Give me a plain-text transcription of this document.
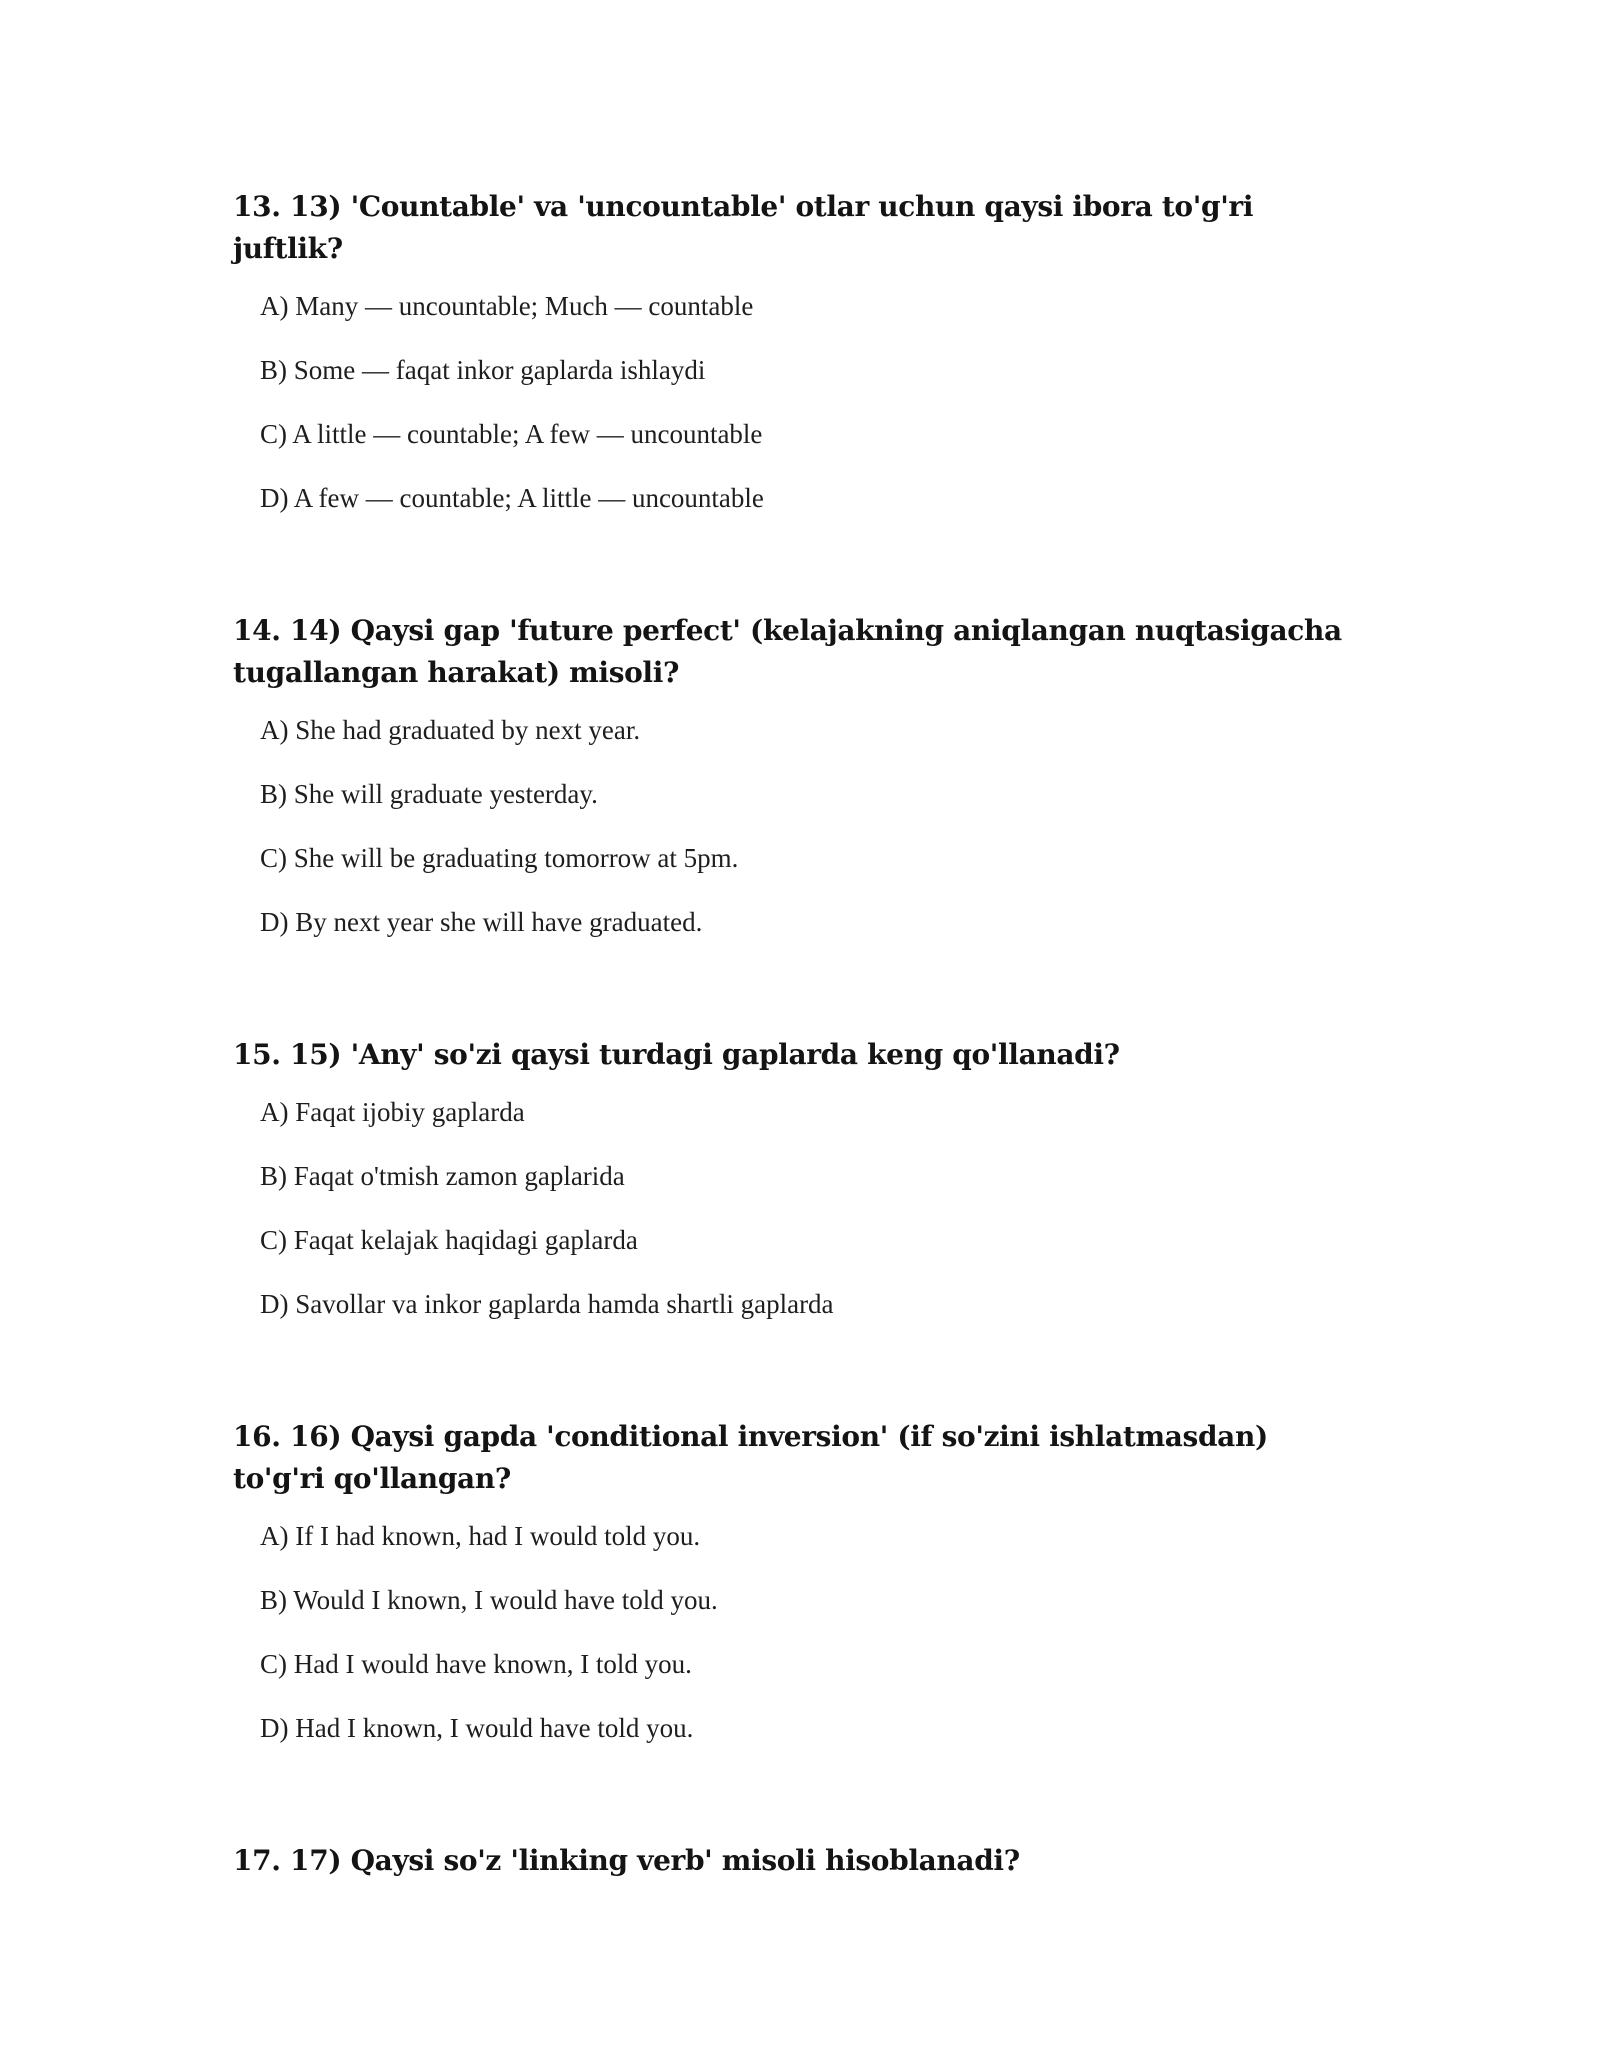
13. 13) 'Countable' va 'uncountable' otlar uchun qaysi ibora to'g'ri juftlik?
A) Many — uncountable; Much — countable
B) Some — faqat inkor gaplarda ishlaydi
C) A little — countable; A few — uncountable
D) A few — countable; A little — uncountable
14. 14) Qaysi gap 'future perfect' (kelajakning aniqlangan nuqtasigacha tugallangan harakat) misoli?
A) She had graduated by next year.
B) She will graduate yesterday.
C) She will be graduating tomorrow at 5pm.
D) By next year she will have graduated.
15. 15) 'Any' so'zi qaysi turdagi gaplarda keng qo'llanadi?
A) Faqat ijobiy gaplarda
B) Faqat o'tmish zamon gaplarida
C) Faqat kelajak haqidagi gaplarda
D) Savollar va inkor gaplarda hamda shartli gaplarda
16. 16) Qaysi gapda 'conditional inversion' (if so'zini ishlatmasdan) to'g'ri qo'llangan?
A) If I had known, had I would told you.
B) Would I known, I would have told you.
C) Had I would have known, I told you.
D) Had I known, I would have told you.
17. 17) Qaysi so'z 'linking verb' misoli hisoblanadi?
